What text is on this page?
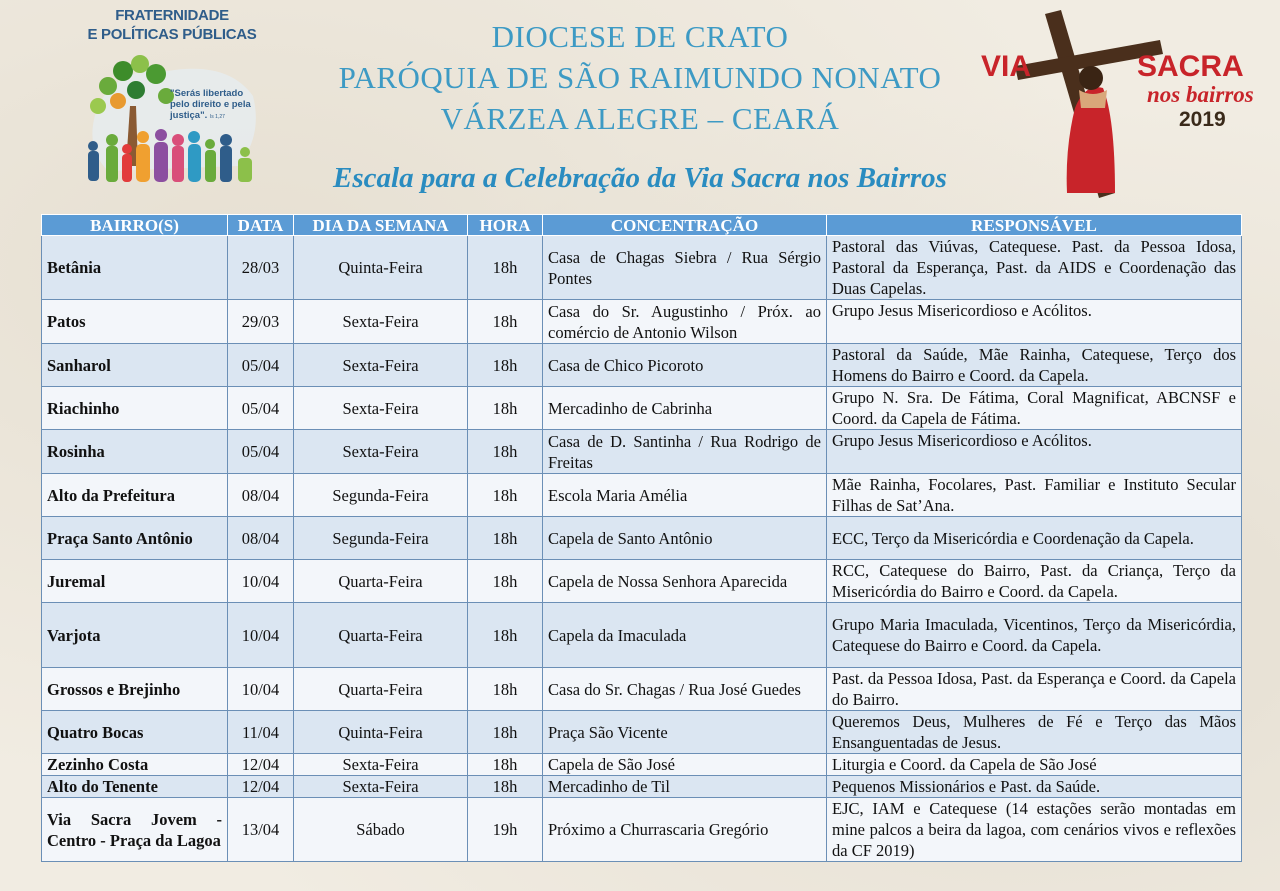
FRATERNIDADE
E POLÍTICAS PÚBLICAS
"Serás libertado pelo direito e pela justiça". Is 1,27
DIOCESE DE CRATO
PARÓQUIA DE SÃO RAIMUNDO NONATO
VÁRZEA ALEGRE – CEARÁ
Escala para a Celebração da Via Sacra nos Bairros
VIA	SACRA
nos bairros
2019
BAIRRO(S)	DATA	DIA DA SEMANA	HORA	CONCENTRAÇÃO	RESPONSÁVEL
Betânia	28/03	Quinta-Feira	18h	Casa de Chagas Siebra / Rua Sérgio Pontes	Pastoral das Viúvas, Catequese. Past. da Pessoa Idosa, Pastoral da Esperança, Past. da AIDS e Coordenação das Duas Capelas.
Patos	29/03	Sexta-Feira	18h	Casa do Sr. Augustinho / Próx. ao comércio de Antonio Wilson	Grupo Jesus Misericordioso e Acólitos.
Sanharol	05/04	Sexta-Feira	18h	Casa de Chico Picoroto	Pastoral da Saúde, Mãe Rainha, Catequese, Terço dos Homens do Bairro e Coord. da Capela.
Riachinho	05/04	Sexta-Feira	18h	Mercadinho de Cabrinha	Grupo N. Sra. De Fátima, Coral Magnificat, ABCNSF e Coord. da Capela de Fátima.
Rosinha	05/04	Sexta-Feira	18h	Casa de D. Santinha / Rua Rodrigo de Freitas	Grupo Jesus Misericordioso e Acólitos.
Alto da Prefeitura	08/04	Segunda-Feira	18h	Escola Maria Amélia	Mãe Rainha, Focolares, Past. Familiar e Instituto Secular Filhas de Sat’Ana.
Praça Santo Antônio	08/04	Segunda-Feira	18h	Capela de Santo Antônio	ECC, Terço da Misericórdia e Coordenação da Capela.
Juremal	10/04	Quarta-Feira	18h	Capela de Nossa Senhora Aparecida	RCC, Catequese do Bairro, Past. da Criança, Terço da Misericórdia do Bairro e Coord. da Capela.
Varjota	10/04	Quarta-Feira	18h	Capela da Imaculada	Grupo Maria Imaculada, Vicentinos, Terço da Misericórdia, Catequese do Bairro e Coord. da Capela.
Grossos e Brejinho	10/04	Quarta-Feira	18h	Casa do Sr. Chagas / Rua José Guedes	Past. da Pessoa Idosa, Past. da Esperança e Coord. da Capela do Bairro.
Quatro Bocas	11/04	Quinta-Feira	18h	Praça São Vicente	Queremos Deus, Mulheres de Fé e Terço das Mãos Ensanguentadas de Jesus.
Zezinho Costa	12/04	Sexta-Feira	18h	Capela de São José	Liturgia e Coord. da Capela de São José
Alto do Tenente	12/04	Sexta-Feira	18h	Mercadinho de Til	Pequenos Missionários e Past. da Saúde.
Via Sacra Jovem - Centro - Praça da Lagoa	13/04	Sábado	19h	Próximo a Churrascaria Gregório	EJC, IAM e Catequese (14 estações serão montadas em mine palcos a beira da lagoa, com cenários vivos e reflexões da CF 2019)
